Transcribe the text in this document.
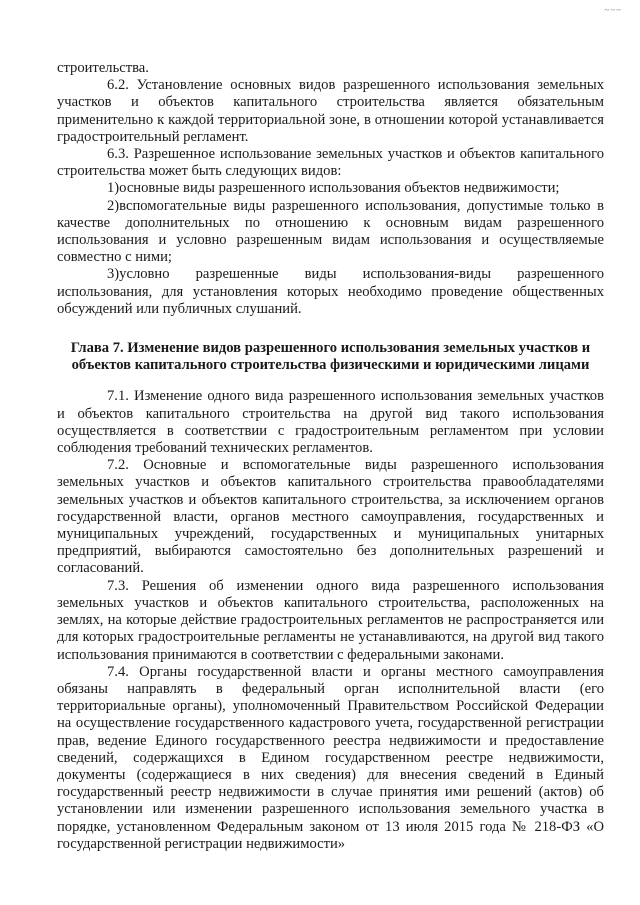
~~~

строительства.

6.2. Установление основных видов разрешенного использования земельных участков и объектов капитального строительства является обязательным применительно к каждой территориальной зоне, в отношении которой устанавливается градостроительный регламент.

6.3. Разрешенное использование земельных участков и объектов капитального строительства может быть следующих видов:

1)основные виды разрешенного использования объектов недвижимости;

2)вспомогательные виды разрешенного использования, допустимые только в качестве дополнительных по отношению к основным видам разрешенного использования и условно разрешенным видам использования и осуществляемые совместно с ними;

3)условно разрешенные виды использования-виды разрешенного использования, для установления которых необходимо проведение общественных обсуждений или публичных слушаний.

Глава 7. Изменение видов разрешенного использования земельных участков и объектов капитального строительства физическими и юридическими лицами

7.1. Изменение одного вида разрешенного использования земельных участков и объектов капитального строительства на другой вид такого использования осуществляется в соответствии с градостроительным регламентом при условии соблюдения требований технических регламентов.

7.2. Основные и вспомогательные виды разрешенного использования земельных участков и объектов капитального строительства правообладателями земельных участков и объектов капитального строительства, за исключением органов государственной власти, органов местного самоуправления, государственных и муниципальных учреждений, государственных и муниципальных унитарных предприятий, выбираются самостоятельно без дополнительных разрешений и согласований.

7.3. Решения об изменении одного вида разрешенного использования земельных участков и объектов капитального строительства, расположенных на землях, на которые действие градостроительных регламентов не распространяется или для которых градостроительные регламенты не устанавливаются, на другой вид такого использования принимаются в соответствии с федеральными законами.

7.4. Органы государственной власти и органы местного самоуправления обязаны направлять в федеральный орган исполнительной власти (его территориальные органы), уполномоченный Правительством Российской Федерации на осуществление государственного кадастрового учета, государственной регистрации прав, ведение Единого государственного реестра недвижимости и предоставление сведений, содержащихся в Едином государственном реестре недвижимости, документы (содержащиеся в них сведения) для внесения сведений в Единый государственный реестр недвижимости в случае принятия ими решений (актов) об установлении или изменении разрешенного использования земельного участка в порядке, установленном Федеральным законом от 13 июля 2015 года № 218-ФЗ «О государственной регистрации недвижимости»
